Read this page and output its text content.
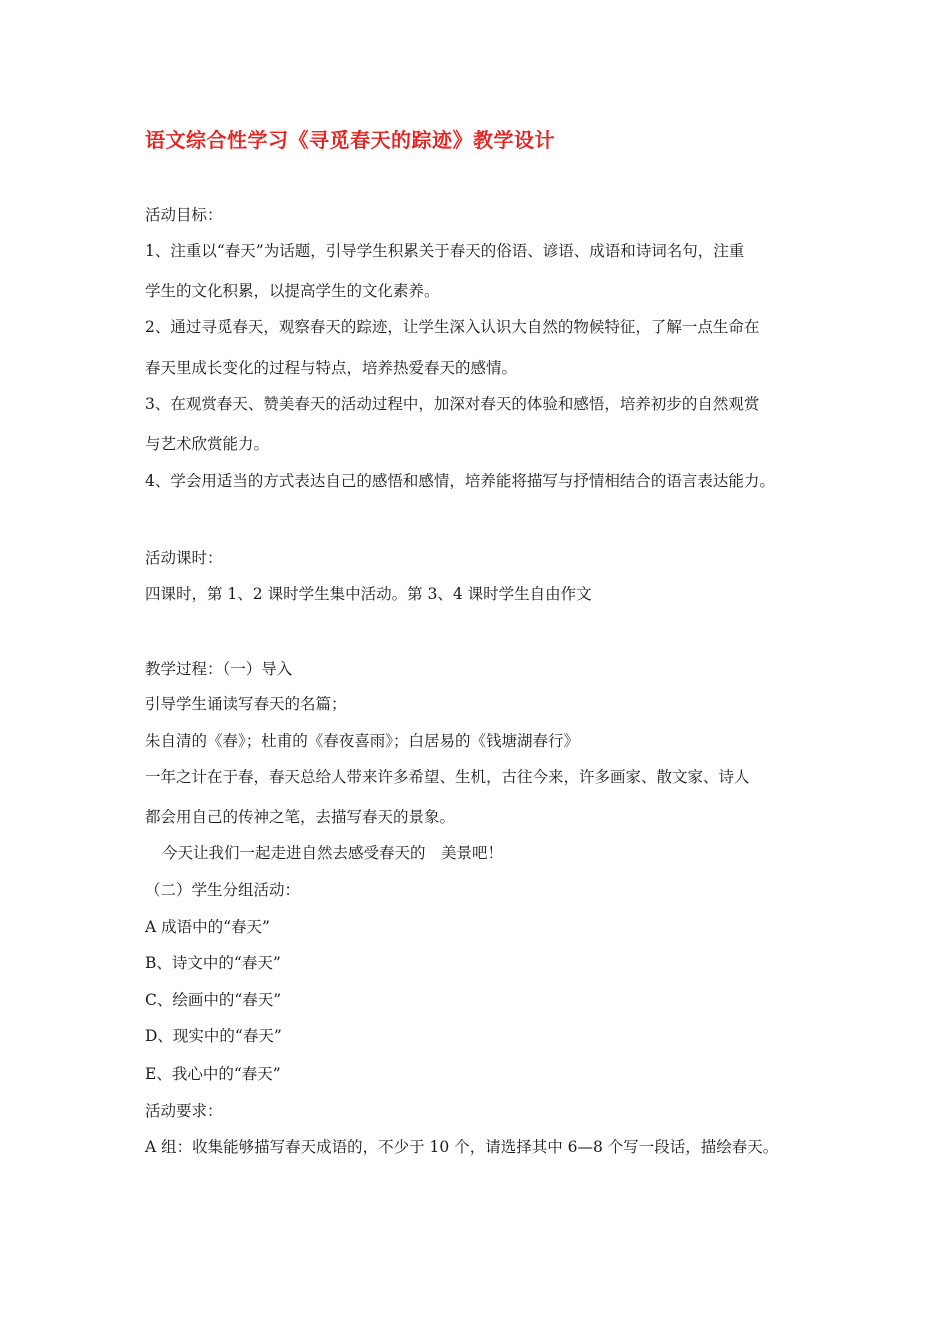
语文综合性学习《寻觅春天的踪迹》教学设计
活动目标：
1、注重以“春天”为话题，引导学生积累关于春天的俗语、谚语、成语和诗词名句，注重
学生的文化积累，以提高学生的文化素养。
2、通过寻觅春天，观察春天的踪迹，让学生深入认识大自然的物候特征，了解一点生命在
春天里成长变化的过程与特点，培养热爱春天的感情。
3、在观赏春天、赞美春天的活动过程中，加深对春天的体验和感悟，培养初步的自然观赏
与艺术欣赏能力。
4、学会用适当的方式表达自己的感悟和感情，培养能将描写与抒情相结合的语言表达能力。
活动课时：
四课时，第 1、2 课时学生集中活动。第 3、4 课时学生自由作文
教学过程：（一）导入
引导学生诵读写春天的名篇；
朱自清的《春》；杜甫的《春夜喜雨》；白居易的《钱塘湖春行》
一年之计在于春，春天总给人带来许多希望、生机，古往今来，许多画家、散文家、诗人
都会用自己的传神之笔，去描写春天的景象。
今天让我们一起走进自然去感受春天的　美景吧！
（二）学生分组活动：
A 成语中的“春天”
B、诗文中的“春天”
C、绘画中的“春天”
D、现实中的“春天”
E、我心中的“春天”
活动要求：
A 组：收集能够描写春天成语的，不少于 10 个，请选择其中 6—8 个写一段话，描绘春天。
